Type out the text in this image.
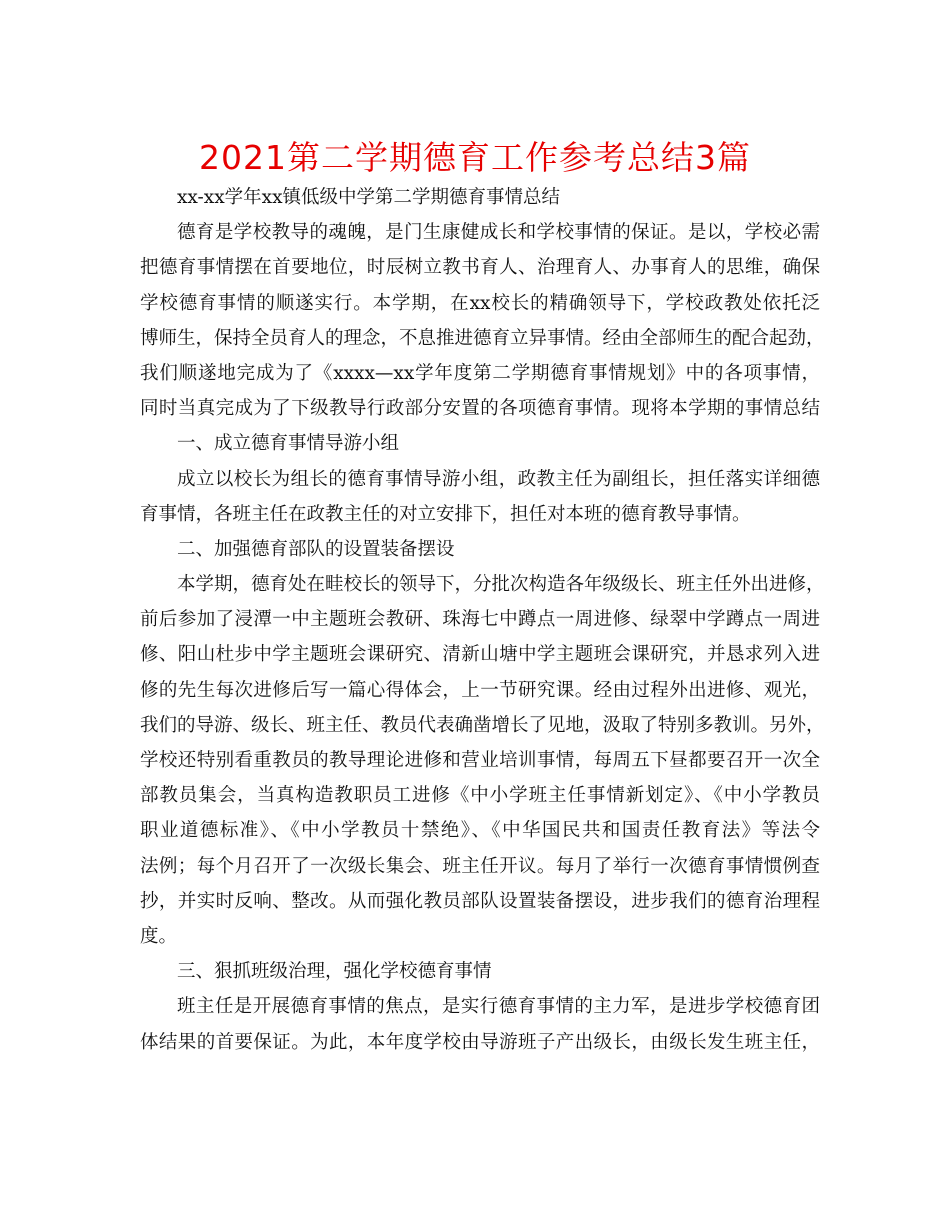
2021第二学期德育工作参考总结3篇
xx-xx学年xx镇低级中学第二学期德育事情总结
德育是学校教导的魂魄，是门生康健成长和学校事情的保证。是以，学校必需
把德育事情摆在首要地位，时辰树立教书育人、治理育人、办事育人的思维，确保
学校德育事情的顺遂实行。本学期，在xx校长的精确领导下，学校政教处依托泛
博师生，保持全员育人的理念，不息推进德育立异事情。经由全部师生的配合起劲，
我们顺遂地完成为了《xxxx—xx学年度第二学期德育事情规划》中的各项事情，
同时当真完成为了下级教导行政部分安置的各项德育事情。现将本学期的事情总结
一、成立德育事情导游小组
成立以校长为组长的德育事情导游小组，政教主任为副组长，担任落实详细德
育事情，各班主任在政教主任的对立安排下，担任对本班的德育教导事情。
二、加强德育部队的设置装备摆设
本学期，德育处在畦校长的领导下，分批次构造各年级级长、班主任外出进修，
前后参加了浸潭一中主题班会教研、珠海七中蹲点一周进修、绿翠中学蹲点一周进
修、阳山杜步中学主题班会课研究、清新山塘中学主题班会课研究，并恳求列入进
修的先生每次进修后写一篇心得体会，上一节研究课。经由过程外出进修、观光，
我们的导游、级长、班主任、教员代表确凿增长了见地，汲取了特别多教训。另外，
学校还特别看重教员的教导理论进修和营业培训事情，每周五下昼都要召开一次全
部教员集会，当真构造教职员工进修《中小学班主任事情新划定》、《中小学教员
职业道德标准》、《中小学教员十禁绝》、《中华国民共和国责任教育法》等法令
法例；每个月召开了一次级长集会、班主任开议。每月了举行一次德育事情惯例查
抄，并实时反响、整改。从而强化教员部队设置装备摆设，进步我们的德育治理程
度。
三、狠抓班级治理，强化学校德育事情
班主任是开展德育事情的焦点，是实行德育事情的主力军，是进步学校德育团
体结果的首要保证。为此，本年度学校由导游班子产出级长，由级长发生班主任，
